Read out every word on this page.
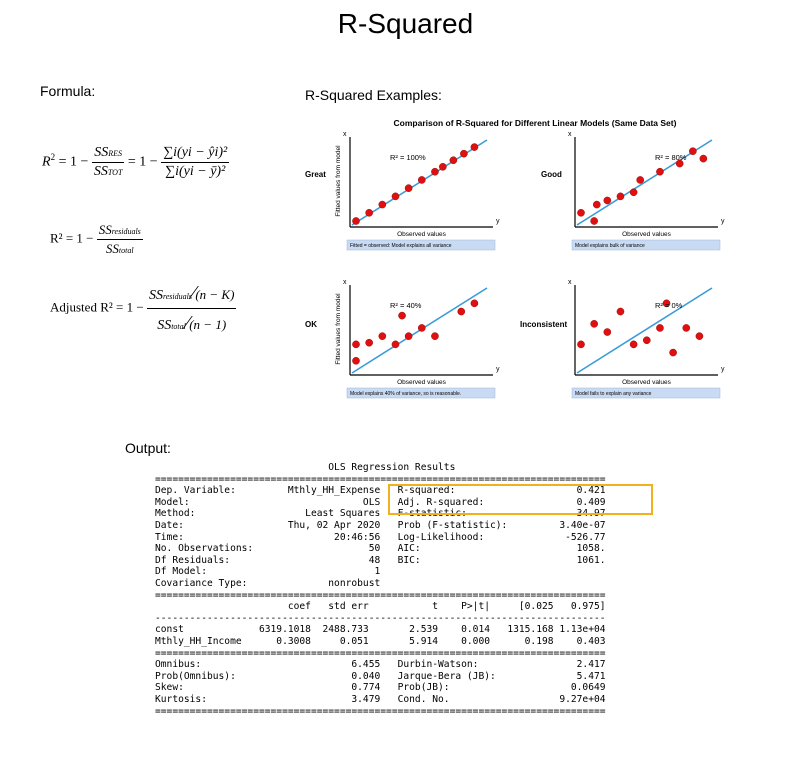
R-Squared
Formula:	R-Squared Examples:
Output:
$R^2 = 1 - \frac{\text{SSRES}}{\text{SSTOT}} = 1 - \frac{\text{∑i(yi − ŷi)²}}{\text{∑i(yi − ȳ)²}}$
$R^2 = 1 - \frac{\text{SSresiduals}}{\text{SStotal}}$
Adjusted $R^2 = 1 - \frac{\text{SSresiduals⁄(n − K)}}{\text{SStotal⁄(n − 1)}}$
Comparison of R-Squared for Different Linear Models (Same Data Set)
Great
x
y
R² = 100%
Observed values
Fitted = observed: Model explains all variance
Fitted values from model	Good
x
y
R² = 80%
Observed values
Model explains bulk of variance
OK
x
y
R² = 40%
Observed values
Model explains 40% of variance, so is reasonable.
Fitted values from model	Inconsistent
x
y
R² = 0%
Observed values
Model fails to explain any variance
OLS Regression Results
==============================================================================
Dep. Variable:         Mthly_HH_Expense   R-squared:                     0.421
Model:                              OLS   Adj. R-squared:                0.409
Method:                   Least Squares   F-statistic:                   34.97
Date:                  Thu, 02 Apr 2020   Prob (F-statistic):         3.40e-07
Time:                          20:46:56   Log-Likelihood:              -526.77
No. Observations:                    50   AIC:                           1058.
Df Residuals:                        48   BIC:                           1061.
Df Model:                             1
Covariance Type:              nonrobust
==============================================================================
coef   std err           t    P>|t|     [0.025   0.975]
------------------------------------------------------------------------------
const             6319.1018  2488.733       2.539    0.014   1315.168 1.13e+04
Mthly_HH_Income      0.3008     0.051       5.914    0.000      0.198    0.403
==============================================================================
Omnibus:                          6.455   Durbin-Watson:                 2.417
Prob(Omnibus):                    0.040   Jarque-Bera (JB):              5.471
Skew:                             0.774   Prob(JB):                     0.0649
Kurtosis:                         3.479   Cond. No.                   9.27e+04
==============================================================================
